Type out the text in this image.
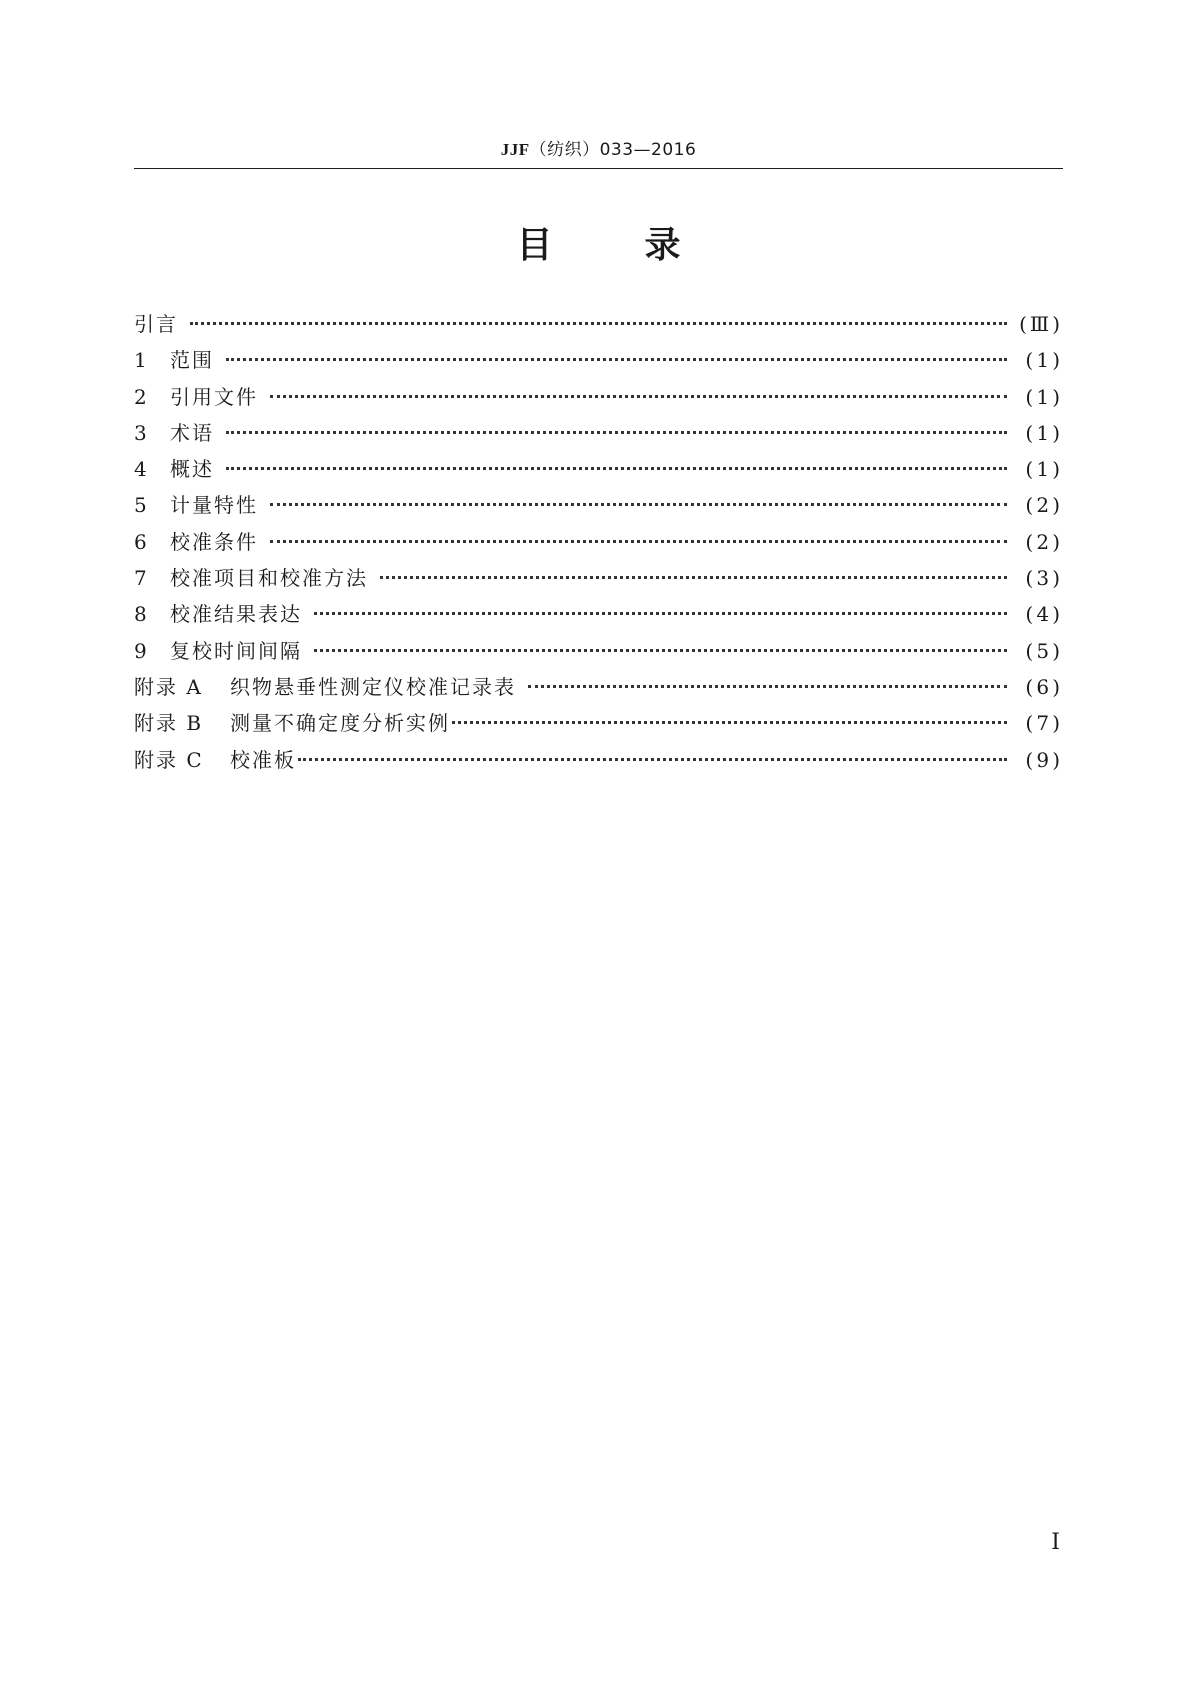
JJF（纺织）033—2016
目录
引言	(Ⅲ)
1	范围	(1)
2	引用文件	(1)
3	术语	(1)
4	概述	(1)
5	计量特性	(2)
6	校准条件	(2)
7	校准项目和校准方法	(3)
8	校准结果表达	(4)
9	复校时间间隔	(5)
附录 A	织物悬垂性测定仪校准记录表	(6)
附录 B	测量不确定度分析实例	(7)
附录 C	校准板	(9)
Ⅰ
